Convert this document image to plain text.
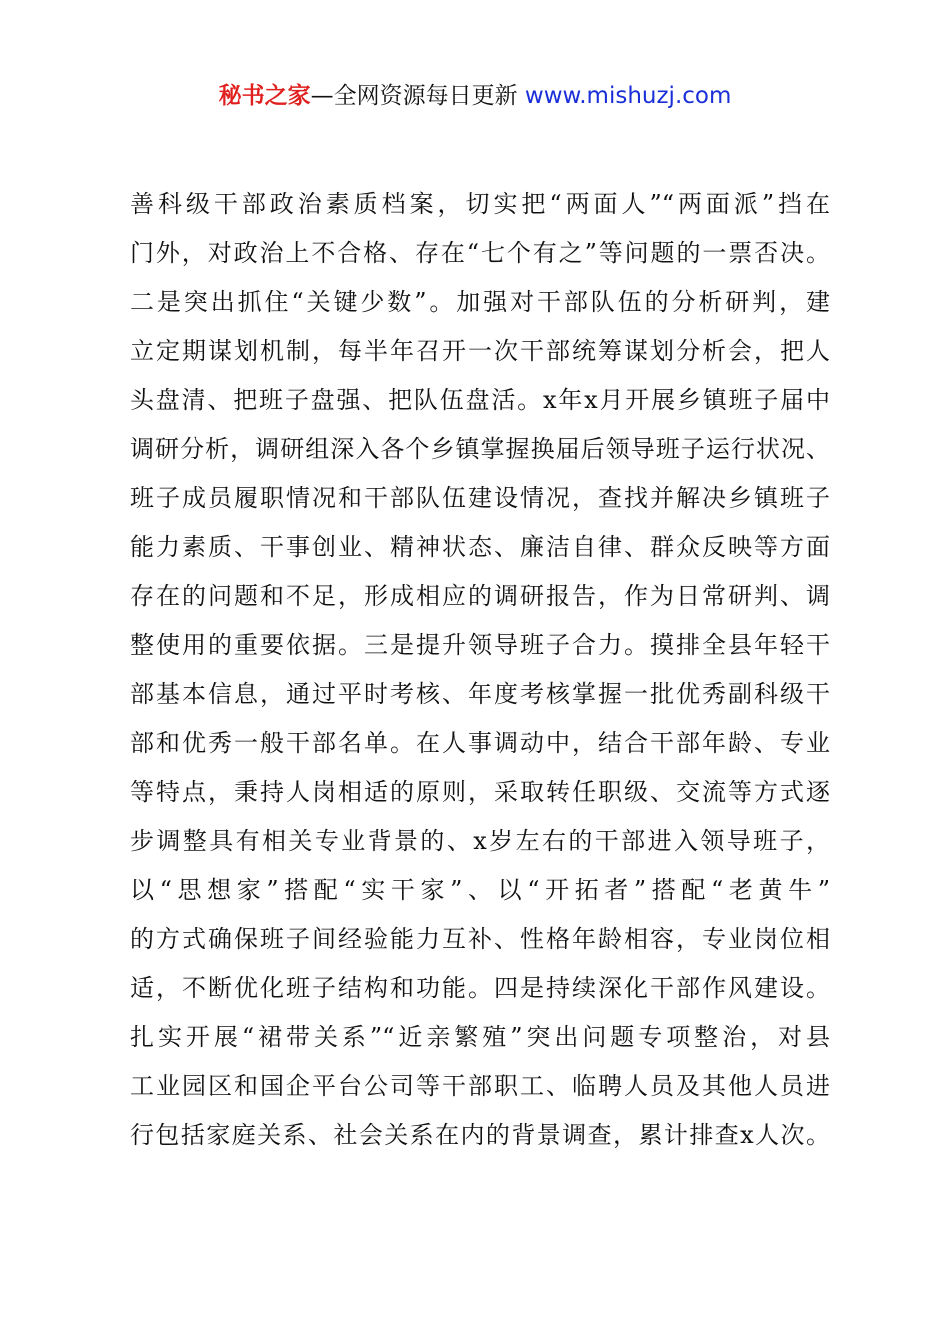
秘书之家—全网资源每日更新 www.mishuzj.com
善科级干部政治素质档案，切实把“两面人”“两面派”挡在
门外，对政治上不合格、存在“七个有之”等问题的一票否决。
二是突出抓住“关键少数”。加强对干部队伍的分析研判，建
立定期谋划机制，每半年召开一次干部统筹谋划分析会，把人
头盘清、把班子盘强、把队伍盘活。x年x月开展乡镇班子届中
调研分析，调研组深入各个乡镇掌握换届后领导班子运行状况、
班子成员履职情况和干部队伍建设情况，查找并解决乡镇班子
能力素质、干事创业、精神状态、廉洁自律、群众反映等方面
存在的问题和不足，形成相应的调研报告，作为日常研判、调
整使用的重要依据。三是提升领导班子合力。摸排全县年轻干
部基本信息，通过平时考核、年度考核掌握一批优秀副科级干
部和优秀一般干部名单。在人事调动中，结合干部年龄、专业
等特点，秉持人岗相适的原则，采取转任职级、交流等方式逐
步调整具有相关专业背景的、x岁左右的干部进入领导班子，
以“思想家”搭配“实干家”、以“开拓者”搭配“老黄牛”
的方式确保班子间经验能力互补、性格年龄相容，专业岗位相
适，不断优化班子结构和功能。四是持续深化干部作风建设。
扎实开展“裙带关系”“近亲繁殖”突出问题专项整治，对县
工业园区和国企平台公司等干部职工、临聘人员及其他人员进
行包括家庭关系、社会关系在内的背景调查，累计排查x人次。
